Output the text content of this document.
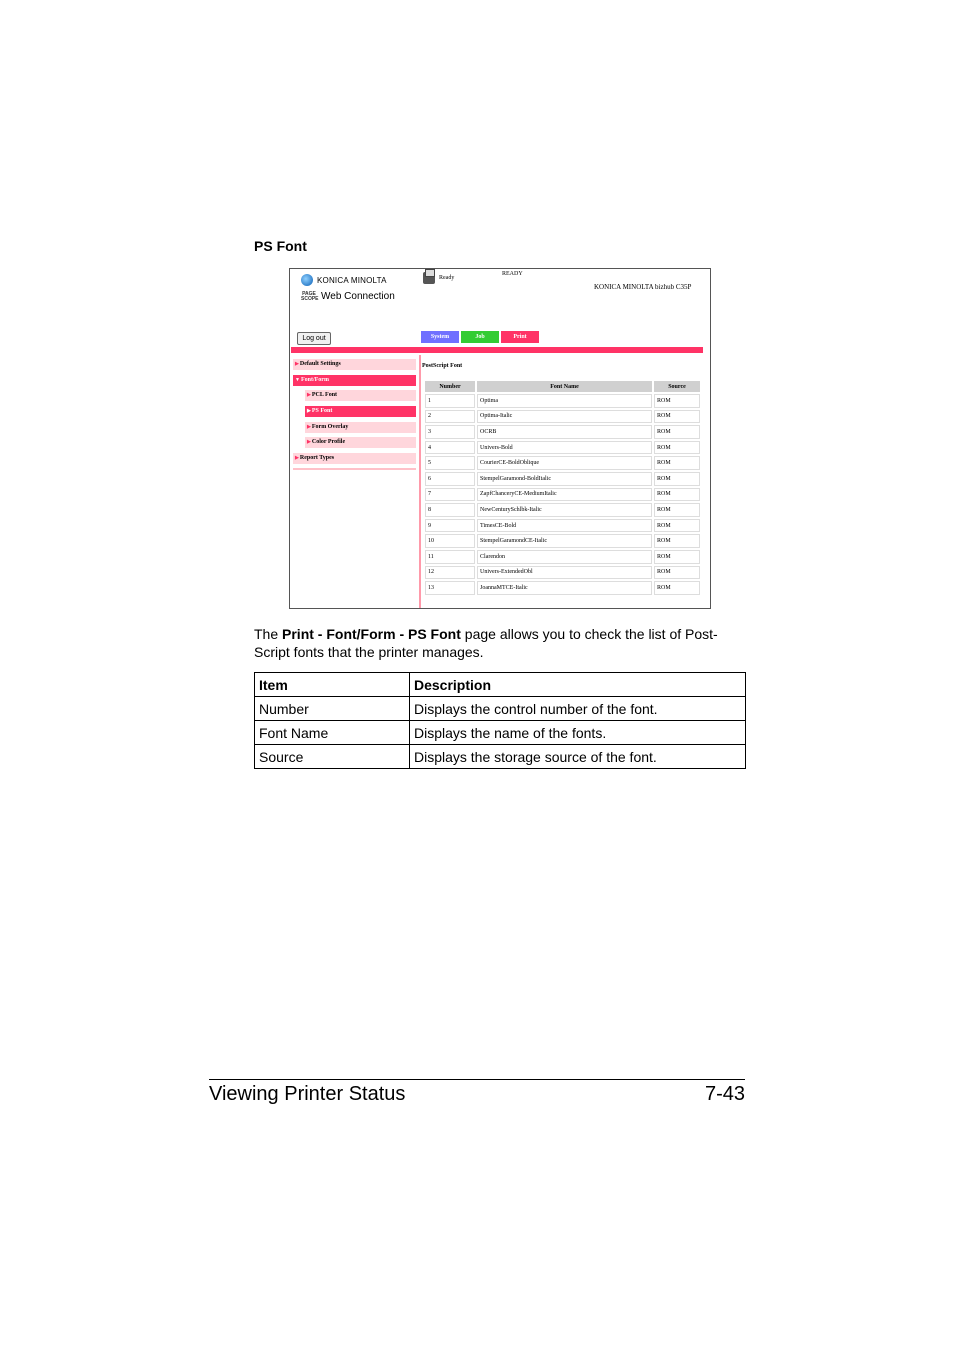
PS Font
KONICA MINOLTA
PAGE SCOPE Web Connection
Ready
READY
KONICA MINOLTA bizhub C35P
Log out	System	Job	Print
▶Default Settings
▼Font/Form
▶PCL Font
▶PS Font
▶Form Overlay
▶Color Profile
▶Report Types
PostScript Font
Number	Font Name	Source
1	Optima	ROM
2	Optima-Italic	ROM
3	OCRB	ROM
4	Univers-Bold	ROM
5	CourierCE-BoldOblique	ROM
6	StempelGaramond-BoldItalic	ROM
7	ZapfChanceryCE-MediumItalic	ROM
8	NewCenturySchlbk-Italic	ROM
9	TimesCE-Bold	ROM
10	StempelGaramondCE-Italic	ROM
11	Clarendon	ROM
12	Univers-ExtendedObl	ROM
13	JoannaMTCE-Italic	ROM
The Print - Font/Form - PS Font page allows you to check the list of Post-
Script fonts that the printer manages.
Item	Description
Number	Displays the control number of the font.
Font Name	Displays the name of the fonts.
Source	Displays the storage source of the font.
Viewing Printer Status	7-43
